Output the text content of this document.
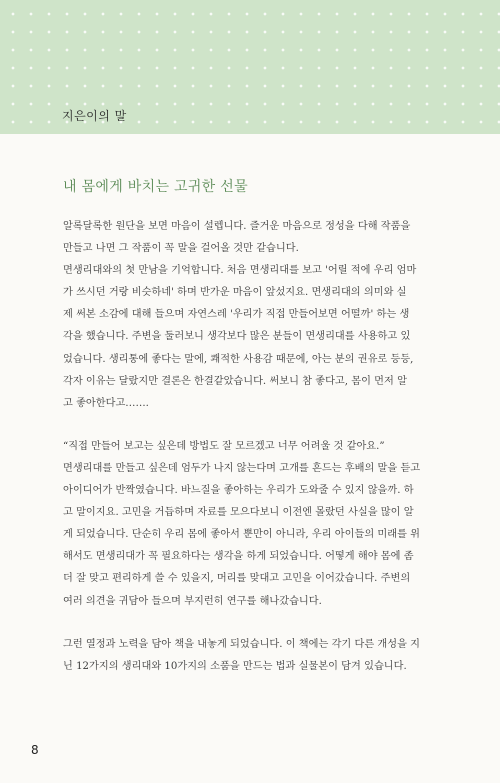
지은이의 말
내 몸에게 바치는 고귀한 선물
알록달록한 원단을 보면 마음이 설렙니다. 즐거운 마음으로 정성을 다해 작품을
만들고 나면 그 작품이 꼭 말을 걸어올 것만 같습니다.
면생리대와의 첫 만남을 기억합니다. 처음 면생리대를 보고 '어릴 적에 우리 엄마
가 쓰시던 거랑 비슷하네' 하며 반가운 마음이 앞섰지요. 면생리대의 의미와 실
제 써본 소감에 대해 들으며 자연스레 '우리가 직접 만들어보면 어떨까' 하는 생
각을 했습니다. 주변을 둘러보니 생각보다 많은 분들이 면생리대를 사용하고 있
었습니다. 생리통에 좋다는 말에, 쾌적한 사용감 때문에, 아는 분의 권유로 등등,
각자 이유는 달랐지만 결론은 한결같았습니다. 써보니 참 좋다고, 몸이 먼저 알
고 좋아한다고…….
“직접 만들어 보고는 싶은데 방법도 잘 모르겠고 너무 어려울 것 같아요.”
면생리대를 만들고 싶은데 엄두가 나지 않는다며 고개를 흔드는 후배의 말을 듣고
아이디어가 반짝였습니다. 바느질을 좋아하는 우리가 도와줄 수 있지 않을까. 하
고 말이지요. 고민을 거듭하며 자료를 모으다보니 이전엔 몰랐던 사실을 많이 알
게 되었습니다. 단순히 우리 몸에 좋아서 뿐만이 아니라, 우리 아이들의 미래를 위
해서도 면생리대가 꼭 필요하다는 생각을 하게 되었습니다. 어떻게 해야 몸에 좀
더 잘 맞고 편리하게 쓸 수 있을지, 머리를 맞대고 고민을 이어갔습니다. 주변의
여러 의견을 귀담아 들으며 부지런히 연구를 해나갔습니다.
그런 열정과 노력을 담아 책을 내놓게 되었습니다. 이 책에는 각기 다른 개성을 지
닌 12가지의 생리대와 10가지의 소품을 만드는 법과 실물본이 담겨 있습니다.
8
